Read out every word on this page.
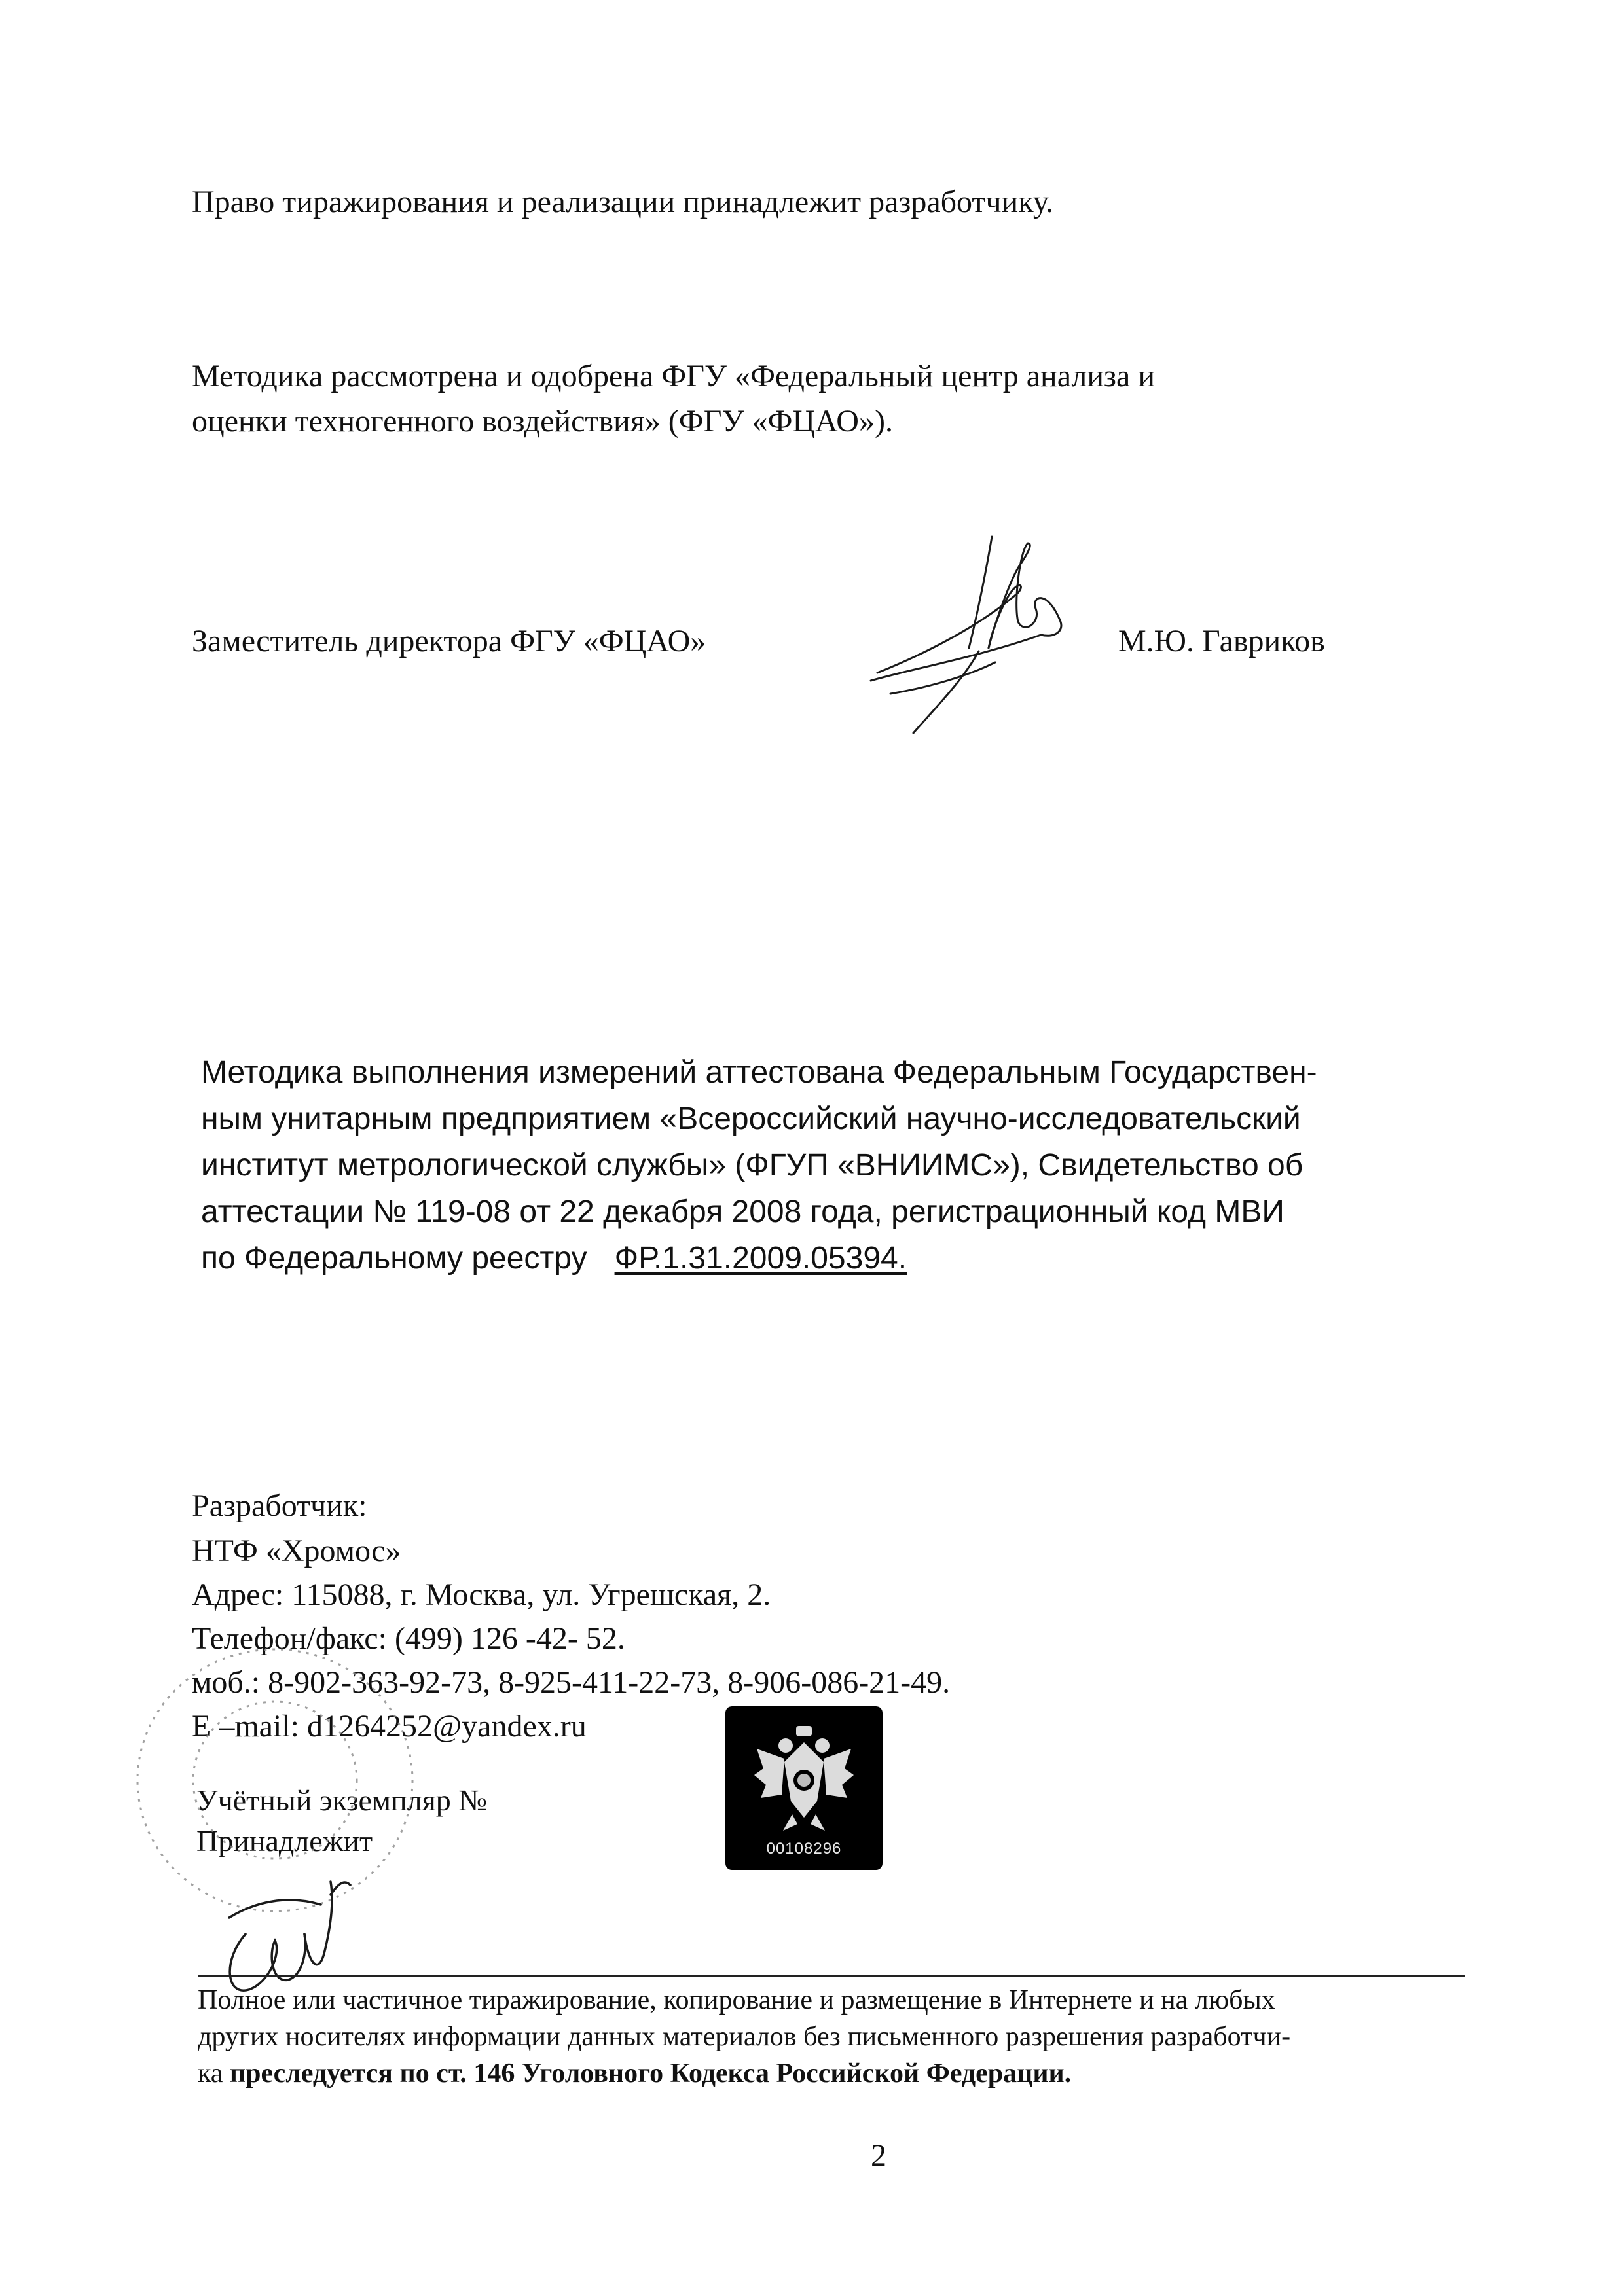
Право тиражирования и реализации принадлежит разработчику.
Методика рассмотрена и одобрена ФГУ «Федеральный центр анализа и
оценки техногенного воздействия» (ФГУ «ФЦАО»).
Заместитель директора ФГУ «ФЦАО»	М.Ю. Гавриков
Методика выполнения измерений аттестована Федеральным Государствен-
ным унитарным предприятием «Всероссийский научно-исследовательский
институт метрологической службы» (ФГУП «ВНИИМС»), Свидетельство об
аттестации № 119-08 от 22 декабря 2008 года, регистрационный код МВИ
по Федеральному реестру ФР.1.31.2009.05394.
Разработчик:
НТФ «Хромос»
Адрес: 115088, г. Москва, ул. Угрешская, 2.
Телефон/факс: (499) 126 -42- 52.
моб.: 8-902-363-92-73, 8-925-411-22-73, 8-906-086-21-49.
E –mail: d1264252@yandex.ru
Учётный экземпляр №
Принадлежит	00108296
Полное или частичное тиражирование, копирование и размещение в Интернете и на любых
других носителях информации данных материалов без письменного разрешения разработчи-
ка преследуется по ст. 146 Уголовного Кодекса Российской Федерации.
2
